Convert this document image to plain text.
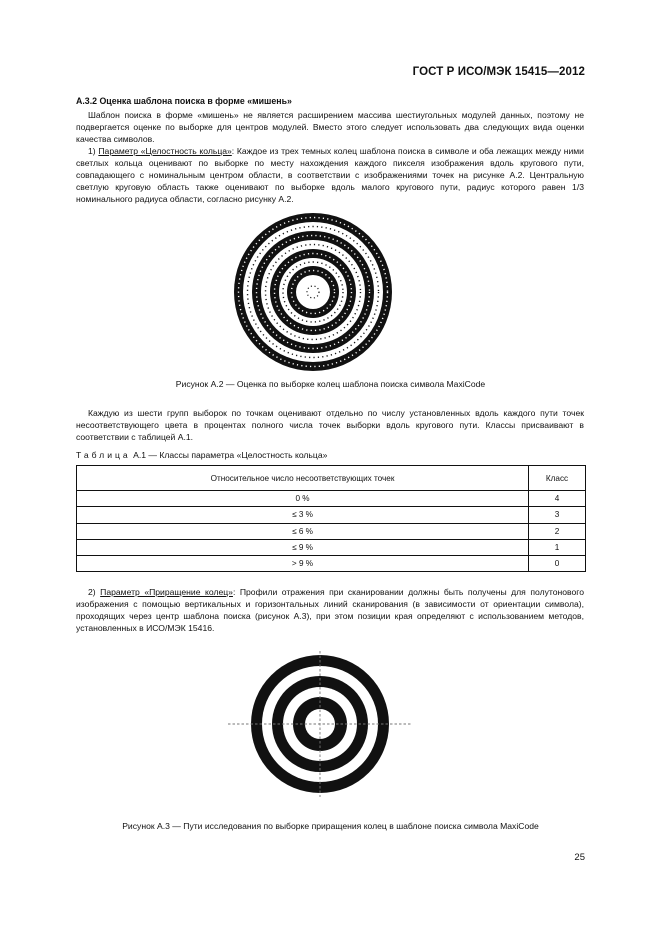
ГОСТ Р ИСО/МЭК 15415—2012
А.3.2 Оценка шаблона поиска в форме «мишень»

Шаблон поиска в форме «мишень» не является расширением массива шестиугольных модулей данных, поэтому не подвергается оценке по выборке для центров модулей. Вместо этого следует использовать два следующих вида оценки качества символов.

1) Параметр «Целостность кольца»: Каждое из трех темных колец шаблона поиска в символе и оба лежащих между ними светлых кольца оценивают по выборке по месту нахождения каждого пикселя изображения вдоль кругового пути, совпадающего с номинальным центром области, в соответствии с изображениями точек на рисунке А.2. Центральную светлую круговую область также оценивают по выборке вдоль малого кругового пути, радиус которого равен 1/3 номинального радиуса области, согласно рисунку А.2.

Рисунок А.2 — Оценка по выборке колец шаблона поиска символа MaxiCode

Каждую из шести групп выборок по точкам оценивают отдельно по числу установленных вдоль каждого пути точек несоответствующего цвета в процентах полного числа точек выборки вдоль кругового пути. Классы присваивают в соответствии с таблицей А.1.

Таблица А.1 — Классы параметра «Целостность кольца»
Относительное число несоответствующих точек	Класс
0 %	4
≤ 3 %	3
≤ 6 %	2
≤ 9 %	1
> 9 %	0

2) Параметр «Приращение колец»: Профили отражения при сканировании должны быть получены для полутонового изображения с помощью вертикальных и горизонтальных линий сканирования (в зависимости от ориентации символа), проходящих через центр шаблона поиска (рисунок А.3), при этом позиции края определяют с использованием методов, установленных в ИСО/МЭК 15416.

Рисунок А.3 — Пути исследования по выборке приращения колец в шаблоне поиска символа MaxiCode
25
